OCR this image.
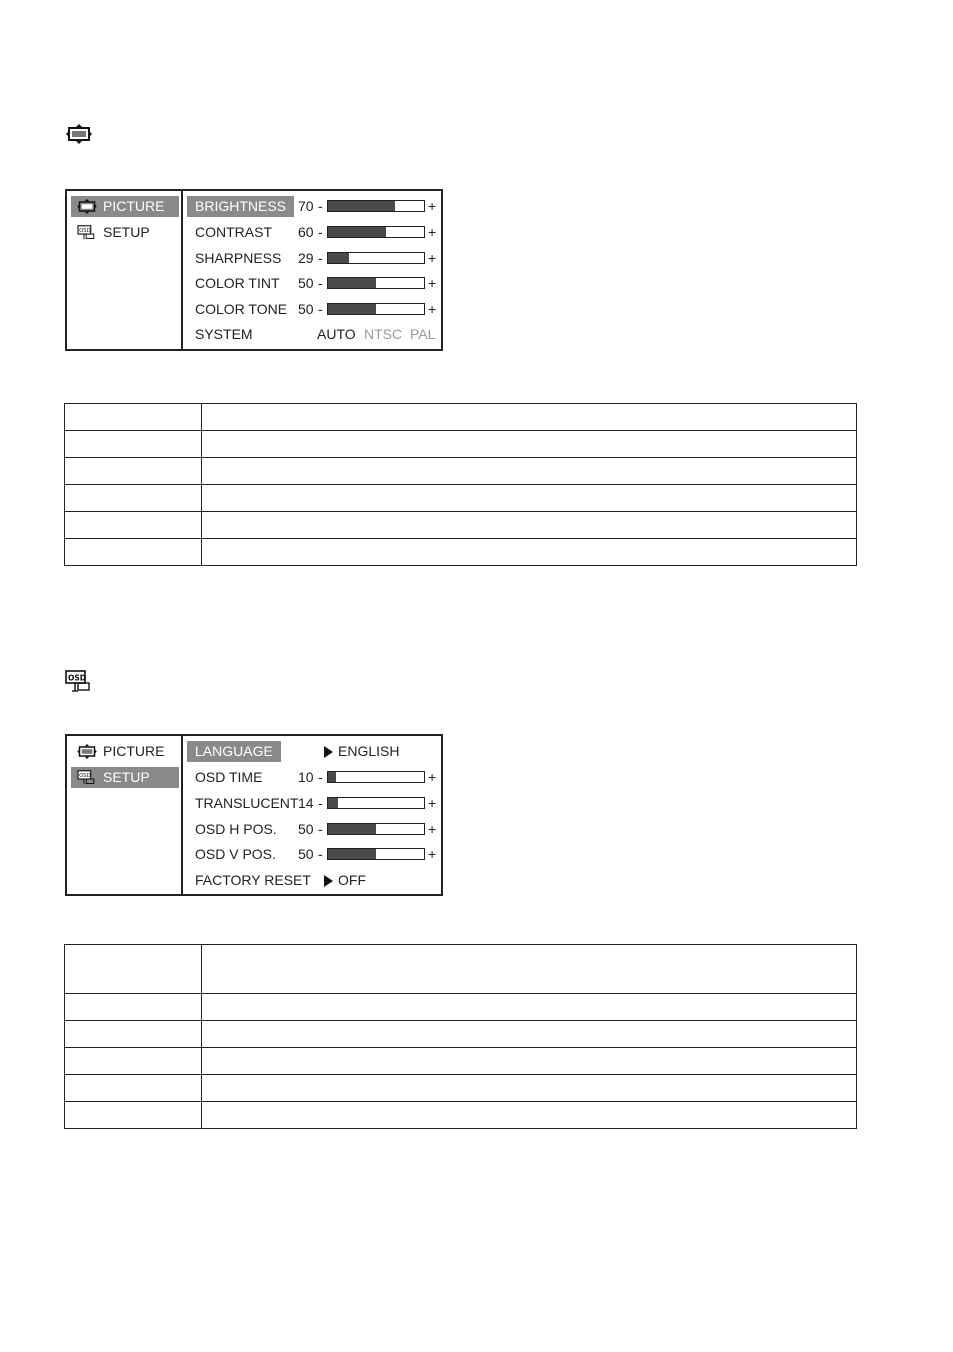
PICTURE
OSD SETUP
BRIGHTNESS 70 -	+
CONTRAST	60 -	+
SHARPNESS	29 -	+
COLOR TINT	50 -	+
COLOR TONE 50 -	+
SYSTEM	AUTO NTSC PAL

OSD
PICTURE
OSD SETUP
LANGUAGE	ENGLISH
OSD TIME	10 -	+
TRANSLUCENT 14 -	+
OSD H POS.	50 -	+
OSD V POS.	50 -	+
FACTORY RESET	OFF
